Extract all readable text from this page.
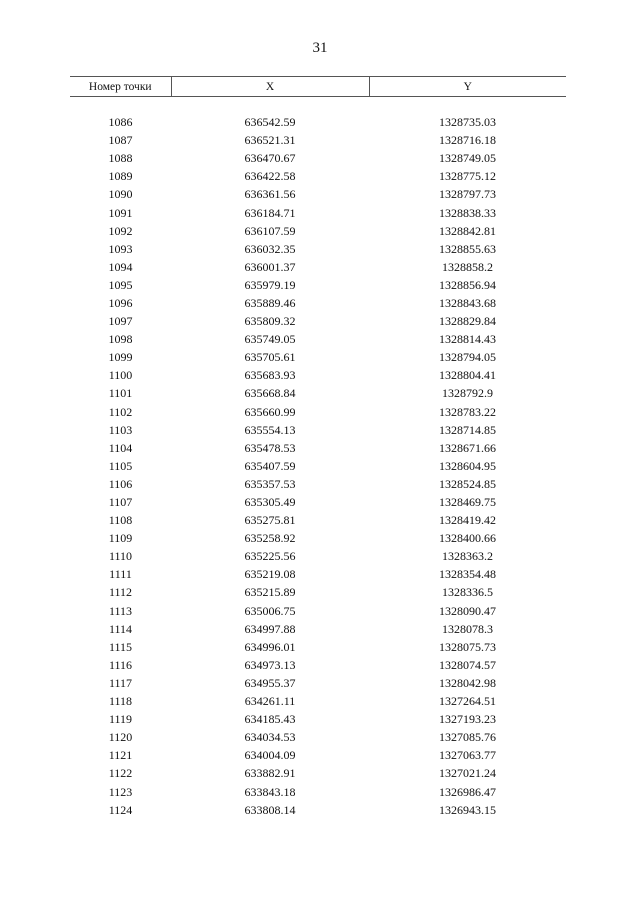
31
Номер точки	X	Y

1086	636542.59	1328735.03
1087	636521.31	1328716.18
1088	636470.67	1328749.05
1089	636422.58	1328775.12
1090	636361.56	1328797.73
1091	636184.71	1328838.33
1092	636107.59	1328842.81
1093	636032.35	1328855.63
1094	636001.37	1328858.2
1095	635979.19	1328856.94
1096	635889.46	1328843.68
1097	635809.32	1328829.84
1098	635749.05	1328814.43
1099	635705.61	1328794.05
1100	635683.93	1328804.41
1101	635668.84	1328792.9
1102	635660.99	1328783.22
1103	635554.13	1328714.85
1104	635478.53	1328671.66
1105	635407.59	1328604.95
1106	635357.53	1328524.85
1107	635305.49	1328469.75
1108	635275.81	1328419.42
1109	635258.92	1328400.66
1110	635225.56	1328363.2
1111	635219.08	1328354.48
1112	635215.89	1328336.5
1113	635006.75	1328090.47
1114	634997.88	1328078.3
1115	634996.01	1328075.73
1116	634973.13	1328074.57
1117	634955.37	1328042.98
1118	634261.11	1327264.51
1119	634185.43	1327193.23
1120	634034.53	1327085.76
1121	634004.09	1327063.77
1122	633882.91	1327021.24
1123	633843.18	1326986.47
1124	633808.14	1326943.15
